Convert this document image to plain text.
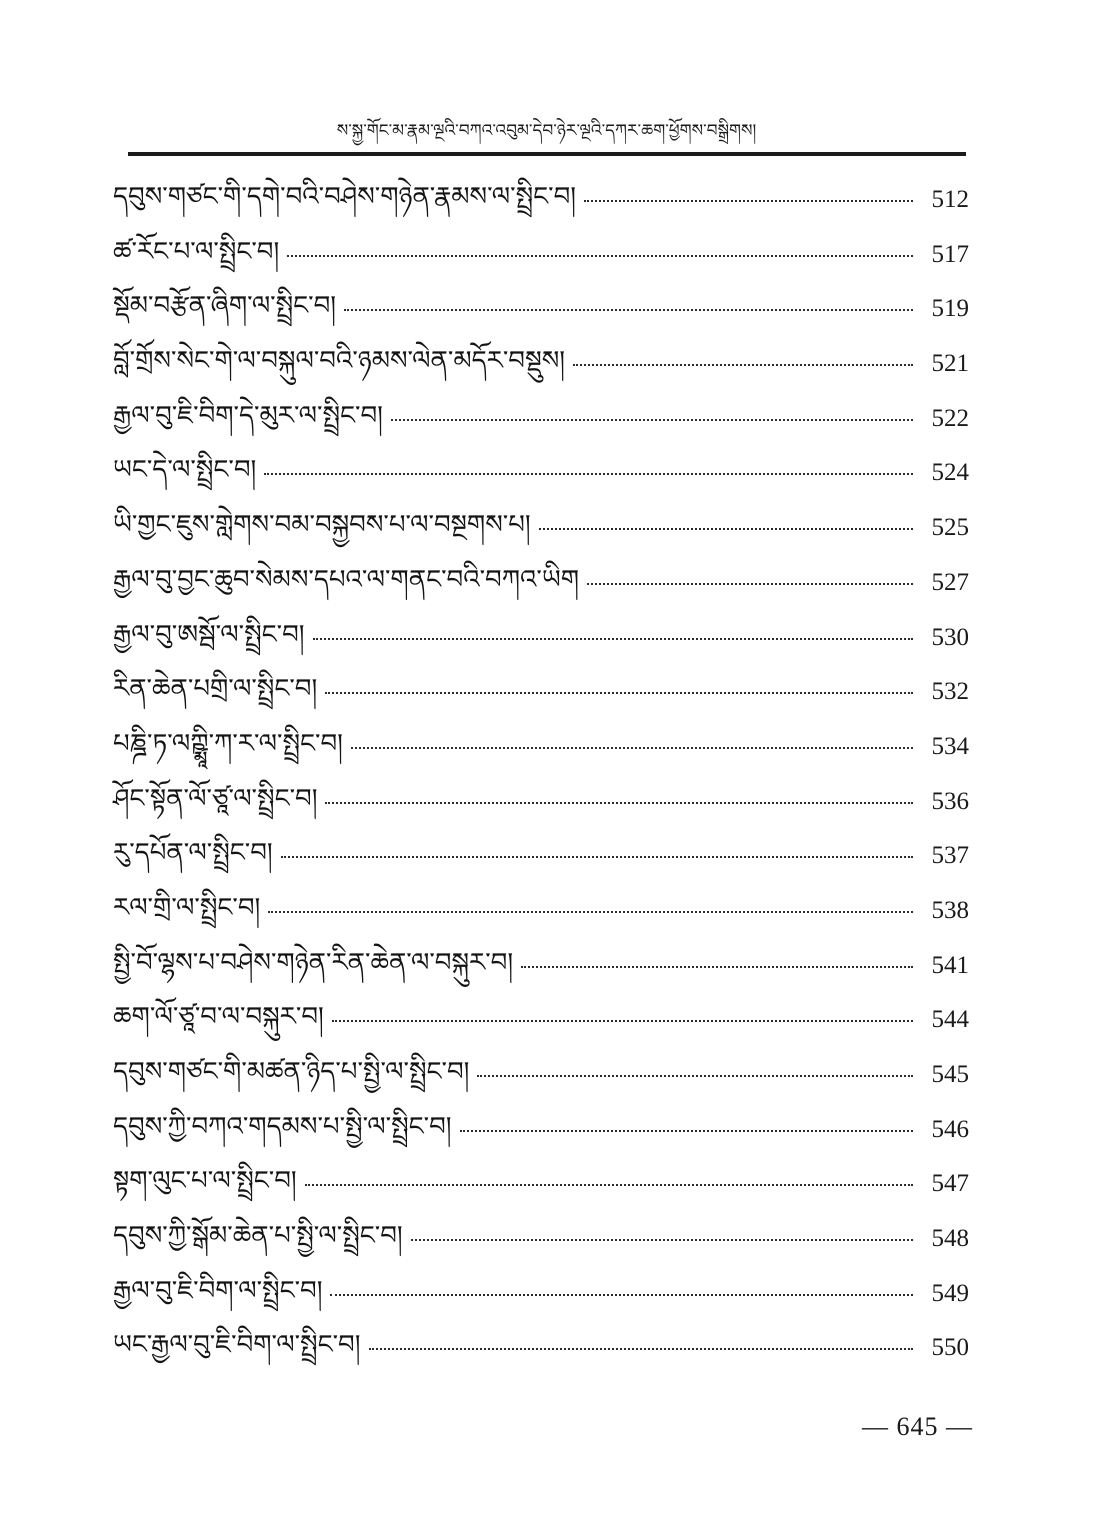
ས་སྐྱ་གོང་མ་རྣམ་ལྔའི་བཀའ་འབུམ་དེབ་ཉེར་ལྔའི་དཀར་ཆག་ཕྱོགས་བསྒྲིགས།
དབུས་གཙང་གི་དགེ་བའི་བཤེས་གཉེན་རྣམས་ལ་སྤྲིང་བ།	512
ཚ་རོང་པ་ལ་སྤྲིང་བ།	517
སྡོམ་བརྩོན་ཞིག་ལ་སྤྲིང་བ།	519
བློ་གྲོས་སེང་གེ་ལ་བསྐུལ་བའི་ཉམས་ལེན་མདོར་བསྡུས།	521
རྒྱལ་བུ་ཇི་བིག་དེ་མུར་ལ་སྤྲིང་བ།	522
ཡང་དེ་ལ་སྤྲིང་བ།	524
ཡི་གྱང་ཇུས་གླེགས་བམ་བསྐྱབས་པ་ལ་བསྔགས་པ།	525
རྒྱལ་བུ་བྱང་ཆུབ་སེམས་དཔའ་ལ་གནང་བའི་བཀའ་ཡིག	527
རྒྱལ་བུ་ཨསྦོ་ལ་སྤྲིང་བ།	530
རིན་ཆེན་པགྲི་ལ་སྤྲིང་བ།	532
པཎྜི་ཏ་ལཀྵྨཱི་ཀ་ར་ལ་སྤྲིང་བ།	534
ཤོང་སྟོན་ལོ་ཙཱ་ལ་སྤྲིང་བ།	536
རུ་དཔོན་ལ་སྤྲིང་བ།	537
རལ་གྲི་ལ་སྤྲིང་བ།	538
སྤྱི་བོ་ལྷས་པ་བཤེས་གཉེན་རིན་ཆེན་ལ་བསྐུར་བ།	541
ཆག་ལོ་ཙཱ་བ་ལ་བསྐུར་བ།	544
དབུས་གཙང་གི་མཚན་ཉིད་པ་སྤྱི་ལ་སྤྲིང་བ།	545
དབུས་ཀྱི་བཀའ་གདམས་པ་སྤྱི་ལ་སྤྲིང་བ།	546
སྟག་ལུང་པ་ལ་སྤྲིང་བ།	547
དབུས་ཀྱི་སྒོམ་ཆེན་པ་སྤྱི་ལ་སྤྲིང་བ།	548
རྒྱལ་བུ་ཇི་བིག་ལ་སྤྲིང་བ།	549
ཡང་རྒྱལ་བུ་ཇི་བིག་ལ་སྤྲིང་བ།	550
— 645 —
